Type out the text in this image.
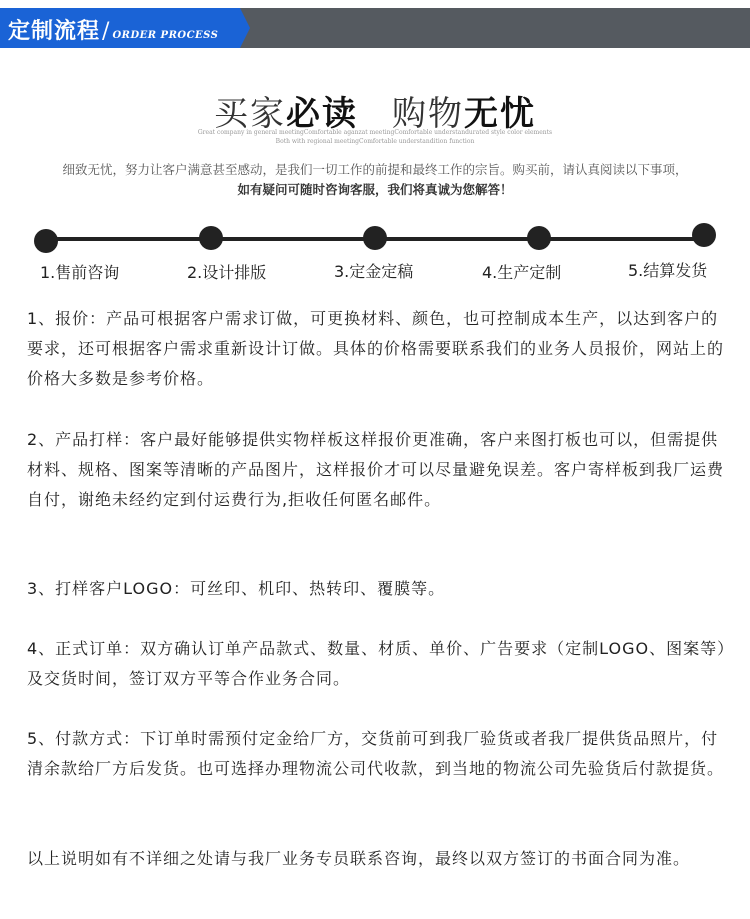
定制流程/ ORDER PROCESS
买家必读 购物无忧
Great company in general meetingComfortable aganzat meetingComfortable understandurated style color elements
Both with regional meetingComfortable understandition function
细致无忧，努力让客户满意甚至感动，是我们一切工作的前提和最终工作的宗旨。购买前，请认真阅读以下事项，
如有疑问可随时咨询客服，我们将真诚为您解答！
1.售前咨询	2.设计排版	3.定金定稿	4.生产定制	5.结算发货

1、报价：产品可根据客户需求订做，可更换材料、颜色，也可控制成本生产，以达到客户的要求，还可根据客户需求重新设计订做。具体的价格需要联系我们的业务人员报价，网站上的价格大多数是参考价格。

2、产品打样：客户最好能够提供实物样板这样报价更准确，客户来图打板也可以，但需提供材料、规格、图案等清晰的产品图片，这样报价才可以尽量避免误差。客户寄样板到我厂运费自付，谢绝未经约定到付运费行为,拒收任何匿名邮件。

3、打样客户LOGO：可丝印、机印、热转印、覆膜等。

4、正式订单：双方确认订单产品款式、数量、材质、单价、广告要求（定制LOGO、图案等）及交货时间，签订双方平等合作业务合同。

5、付款方式：下订单时需预付定金给厂方，交货前可到我厂验货或者我厂提供货品照片，付清余款给厂方后发货。也可选择办理物流公司代收款，到当地的物流公司先验货后付款提货。

以上说明如有不详细之处请与我厂业务专员联系咨询，最终以双方签订的书面合同为准。
